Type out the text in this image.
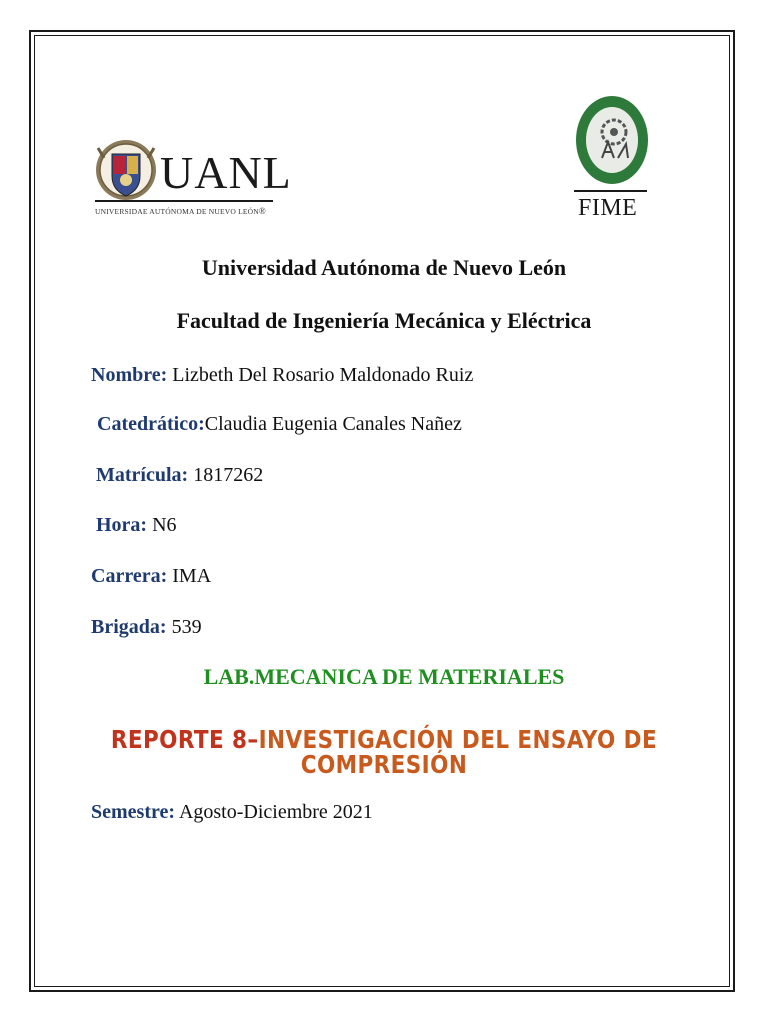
UANL
UNIVERSIDAE AUTÓNOMA DE NUEVO LEÓN®	FIME
Universidad Autónoma de Nuevo León
Facultad de Ingeniería Mecánica y Eléctrica
Nombre: Lizbeth Del Rosario Maldonado Ruiz
Catedrático:Claudia Eugenia Canales Nañez
Matrícula: 1817262
Hora: N6
Carrera: IMA
Brigada: 539
LAB.MECANICA DE MATERIALES
REPORTE 8–INVESTIGACIÓN DEL ENSAYO DE COMPRESIÓN
Semestre: Agosto-Diciembre 2021
